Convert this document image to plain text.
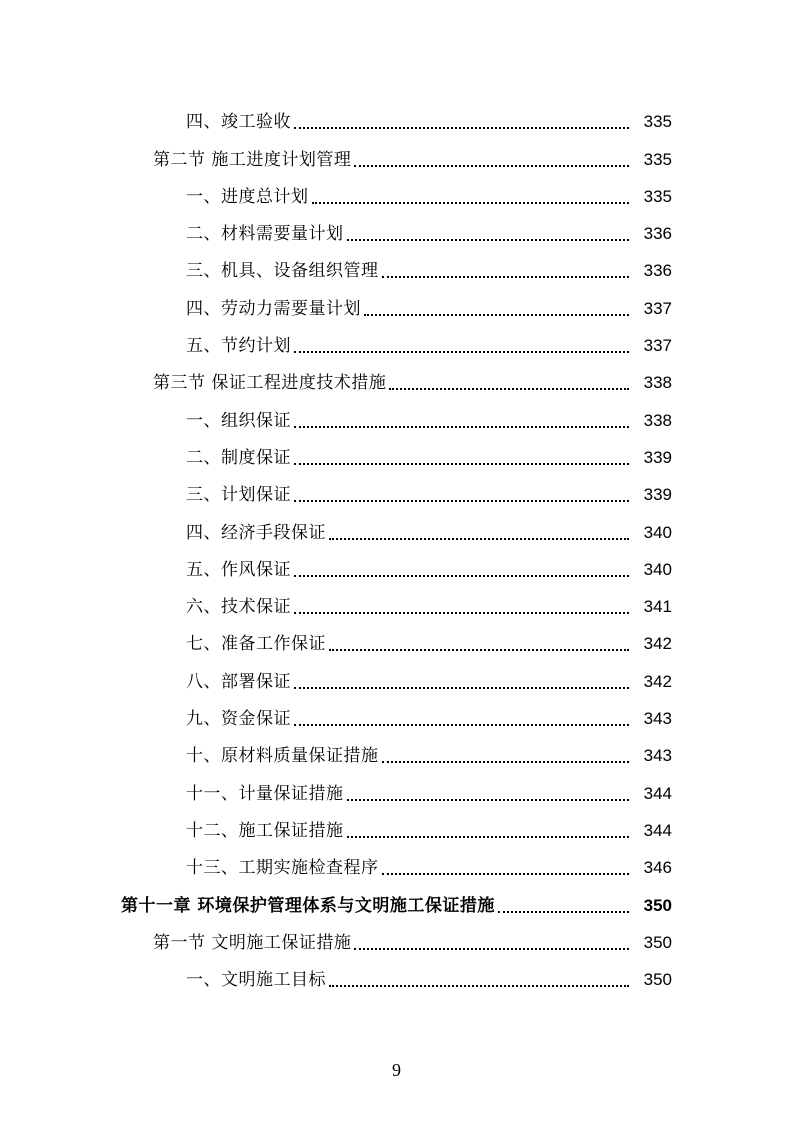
四、竣工验收	335
第二节 施工进度计划管理	335
一、进度总计划	335
二、材料需要量计划	336
三、机具、设备组织管理	336
四、劳动力需要量计划	337
五、节约计划	337
第三节 保证工程进度技术措施	338
一、组织保证	338
二、制度保证	339
三、计划保证	339
四、经济手段保证	340
五、作风保证	340
六、技术保证	341
七、准备工作保证	342
八、部署保证	342
九、资金保证	343
十、原材料质量保证措施	343
十一、计量保证措施	344
十二、施工保证措施	344
十三、工期实施检查程序	346
第十一章 环境保护管理体系与文明施工保证措施	350
第一节 文明施工保证措施	350
一、文明施工目标	350
9
